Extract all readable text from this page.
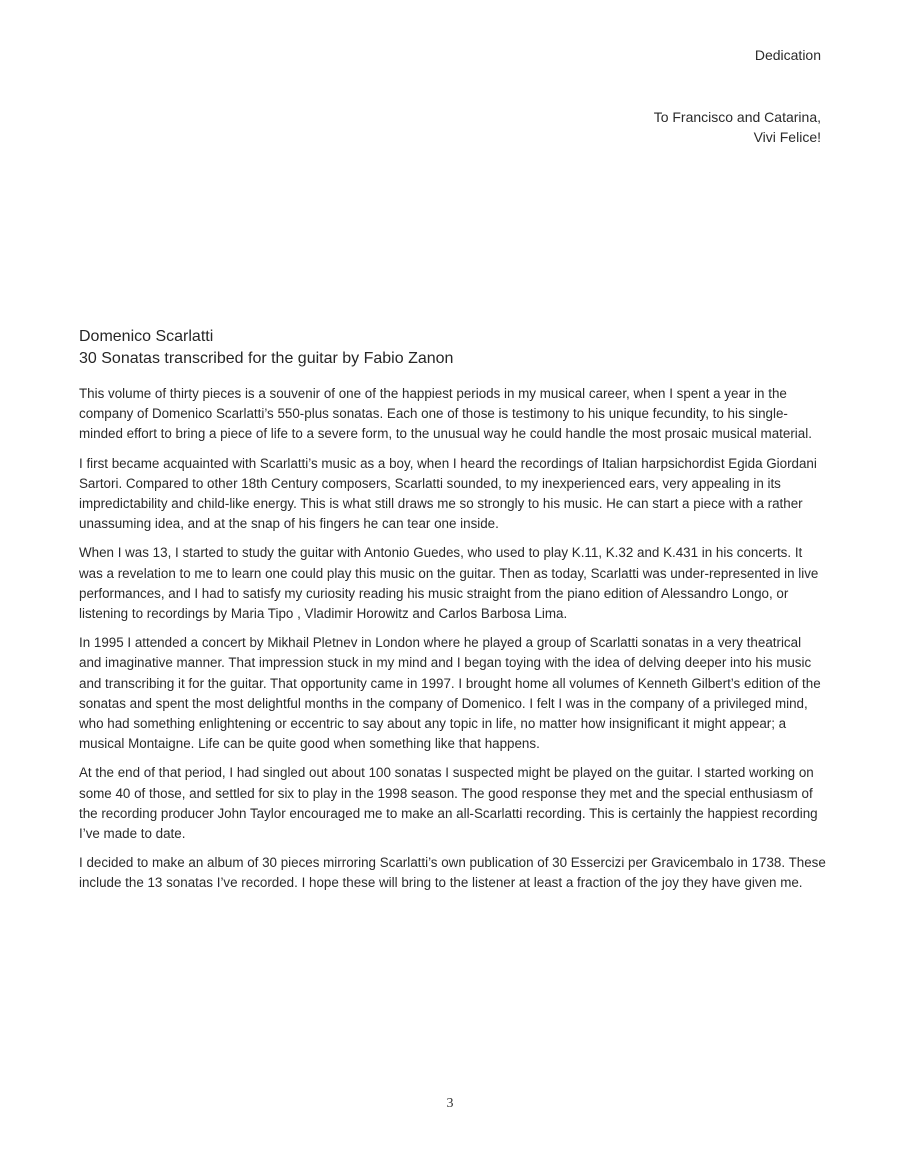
Dedication
To Francisco and Catarina,
Vivi Felice!
Domenico Scarlatti
30 Sonatas transcribed for the guitar by Fabio Zanon

This volume of thirty pieces is a souvenir of one of the happiest periods in my musical career, when I spent a year in the company of Domenico Scarlatti’s 550-plus sonatas. Each one of those is testimony to his unique fecundity, to his single-minded effort to bring a piece of life to a severe form, to the unusual way he could handle the most prosaic musical material.

I first became acquainted with Scarlatti’s music as a boy, when I heard the recordings of Italian harpsichordist Egida Giordani Sartori. Compared to other 18th Century composers, Scarlatti sounded, to my inexperienced ears, very appealing in its impredictability and child-like energy. This is what still draws me so strongly to his music. He can start a piece with a rather unassuming idea, and at the snap of his fingers he can tear one inside.

When I was 13, I started to study the guitar with Antonio Guedes, who used to play K.11, K.32 and K.431 in his concerts. It was a revelation to me to learn one could play this music on the guitar. Then as today, Scarlatti was under-represented in live performances, and I had to satisfy my curiosity reading his music straight from the piano edition of Alessandro Longo, or listening to recordings by Maria Tipo , Vladimir Horowitz and Carlos Barbosa Lima.

In 1995 I attended a concert by Mikhail Pletnev in London where he played a group of Scarlatti sonatas in a very theatrical and imaginative manner. That impression stuck in my mind and I began toying with the idea of delving deeper into his music and transcribing it for the guitar. That opportunity came in 1997. I brought home all volumes of Kenneth Gilbert’s edition of the sonatas and spent the most delightful months in the company of Domenico. I felt I was in the company of a privileged mind, who had something enlightening or eccentric to say about any topic in life, no matter how insignificant it might appear; a musical Montaigne. Life can be quite good when something like that happens.

At the end of that period, I had singled out about 100 sonatas I suspected might be played on the guitar. I started working on some 40 of those, and settled for six to play in the 1998 season. The good response they met and the special enthusiasm of the recording producer John Taylor encouraged me to make an all-Scarlatti recording. This is certainly the happiest recording I’ve made to date.

I decided to make an album of 30 pieces mirroring Scarlatti’s own publication of 30 Essercizi per Gravicembalo in 1738. These include the 13 sonatas I’ve recorded. I hope these will bring to the listener at least a fraction of the joy they have given me.

3
